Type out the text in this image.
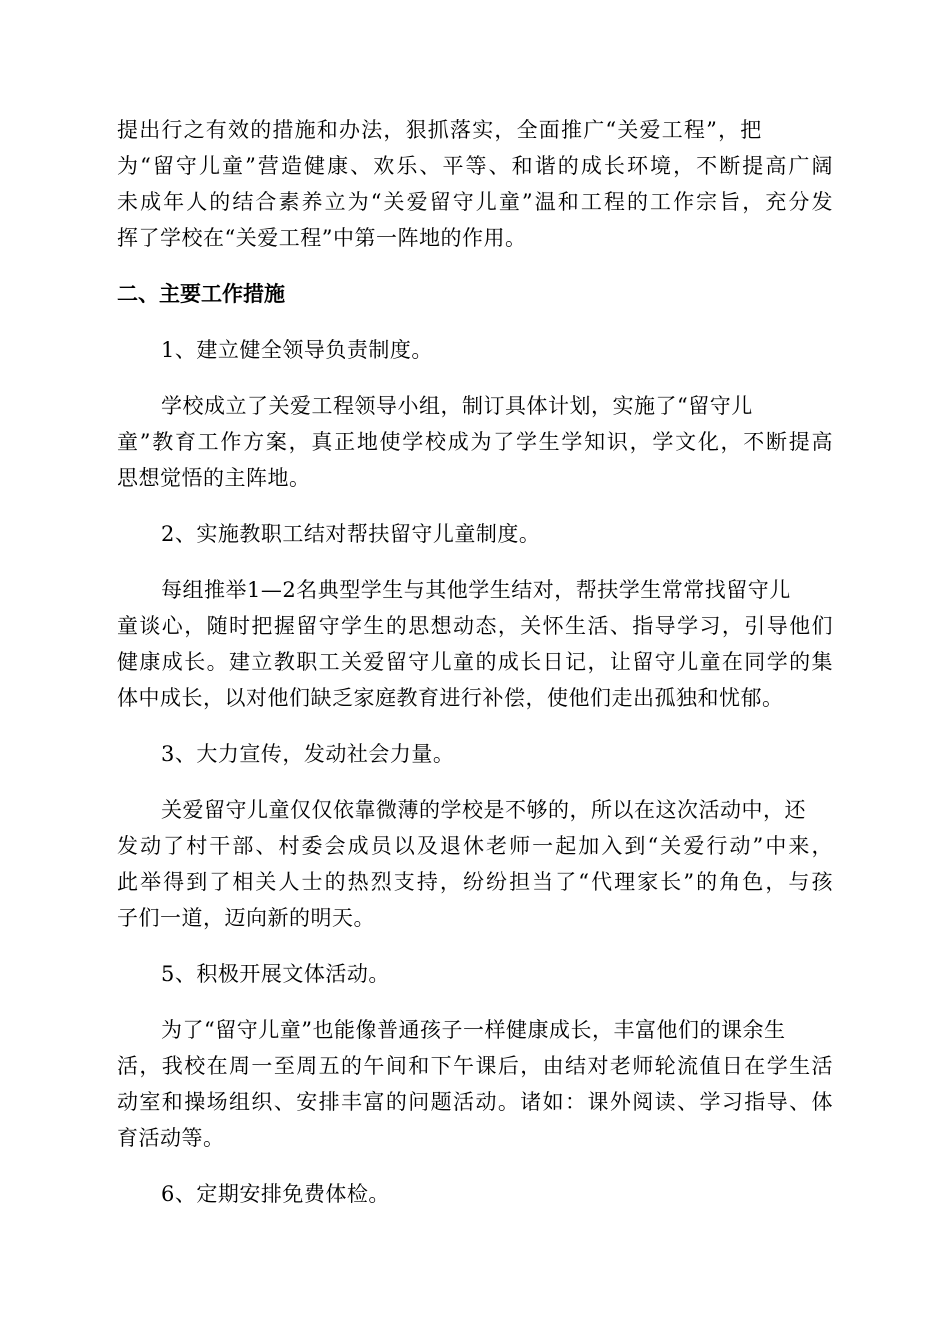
提出行之有效的措施和办法，狠抓落实，全面推广“关爱工程”，把
为“留守儿童”营造健康、欢乐、平等、和谐的成长环境，不断提高广阔
未成年人的结合素养立为“关爱留守儿童”温和工程的工作宗旨，充分发
挥了学校在“关爱工程”中第一阵地的作用。
二、主要工作措施
1、建立健全领导负责制度。
学校成立了关爱工程领导小组，制订具体计划，实施了“留守儿
童”教育工作方案，真正地使学校成为了学生学知识，学文化，不断提高
思想觉悟的主阵地。
2、实施教职工结对帮扶留守儿童制度。
每组推举1—2名典型学生与其他学生结对，帮扶学生常常找留守儿
童谈心，随时把握留守学生的思想动态，关怀生活、指导学习，引导他们
健康成长。建立教职工关爱留守儿童的成长日记，让留守儿童在同学的集
体中成长，以对他们缺乏家庭教育进行补偿，使他们走出孤独和忧郁。
3、大力宣传，发动社会力量。
关爱留守儿童仅仅依靠微薄的学校是不够的，所以在这次活动中，还
发动了村干部、村委会成员以及退休老师一起加入到“关爱行动”中来，
此举得到了相关人士的热烈支持，纷纷担当了“代理家长”的角色，与孩
子们一道，迈向新的明天。
5、积极开展文体活动。
为了“留守儿童”也能像普通孩子一样健康成长，丰富他们的课余生
活，我校在周一至周五的午间和下午课后，由结对老师轮流值日在学生活
动室和操场组织、安排丰富的问题活动。诸如：课外阅读、学习指导、体
育活动等。
6、定期安排免费体检。
